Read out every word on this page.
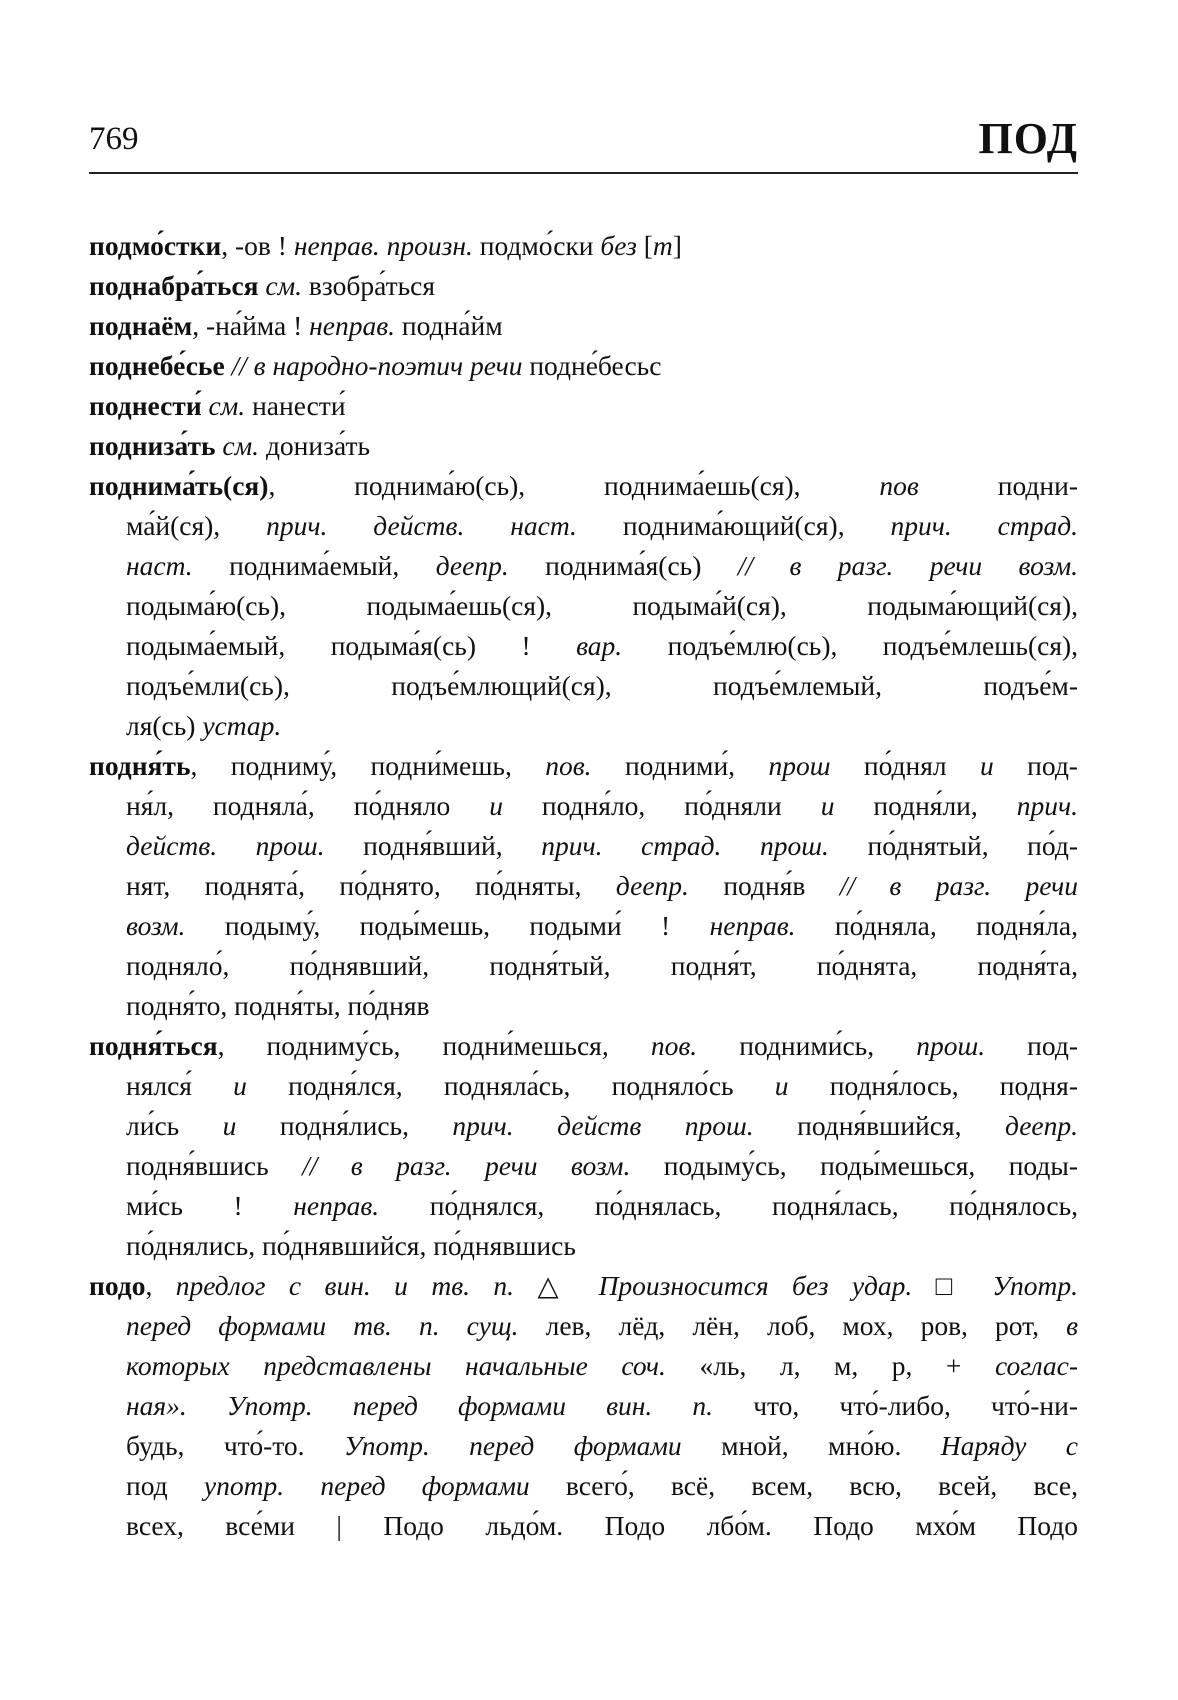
769	ПОД
подмо́стки, -ов ! неправ. произн. подмо́ски без [т]
поднабра́ться см. взобра́ться
поднаём, -на́йма ! неправ. подна́йм
поднебе́сье // в народно-поэтич речи подне́бесьс
поднести́ см. нанести́
подниза́ть см. дониза́ть
поднима́ть(ся), поднима́ю(сь), поднима́ешь(ся), пов подни-
ма́й(ся), прич. действ. наст. поднима́ющий(ся), прич. страд.
наст. поднима́емый, деепр. поднима́я(сь) // в разг. речи возм.
подыма́ю(сь), подыма́ешь(ся), подыма́й(ся), подыма́ющий(ся),
подыма́емый, подыма́я(сь) ! вар. подъе́млю(сь), подъе́млешь(ся),
подъе́мли(сь), подъе́млющий(ся), подъе́млемый, подъе́м-
ля(сь) устар.
подня́ть, подниму́, подни́мешь, пов. подними́, прош по́днял и под-
ня́л, подняла́, по́дняло и подня́ло, по́дняли и подня́ли, прич.
действ. прош. подня́вший, прич. страд. прош. по́днятый, по́д-
нят, поднята́, по́днято, по́дняты, деепр. подня́в // в разг. речи
возм. подыму́, поды́мешь, подыми́ ! неправ. по́дняла, подня́ла,
подняло́, по́днявший, подня́тый, подня́т, по́днята, подня́та,
подня́то, подня́ты, по́дняв
подня́ться, подниму́сь, подни́мешься, пов. подними́сь, прош. под-
нялся́ и подня́лся, подняла́сь, подняло́сь и подня́лось, подня-
ли́сь и подня́лись, прич. действ прош. подня́вшийся, деепр.
подня́вшись // в разг. речи возм. подыму́сь, поды́мешься, поды-
ми́сь ! неправ. по́днялся, по́днялась, подня́лась, по́днялось,
по́днялись, по́днявшийся, по́днявшись
подо, предлог с вин. и тв. п. △ Произносится без удар. □ Употр.
перед формами тв. п. сущ. лев, лёд, лён, лоб, мох, ров, рот, в
которых представлены начальные соч. «ль, л, м, р, + соглас-
ная». Употр. перед формами вин. п. что, что́-либо, что́-ни-
будь, что́-то. Употр. перед формами мной, мно́ю. Наряду с
под употр. перед формами всего́, всё, всем, всю, всей, все,
всех, все́ми | Подо льдо́м. Подо лбо́м. Подо мхо́м Подо
